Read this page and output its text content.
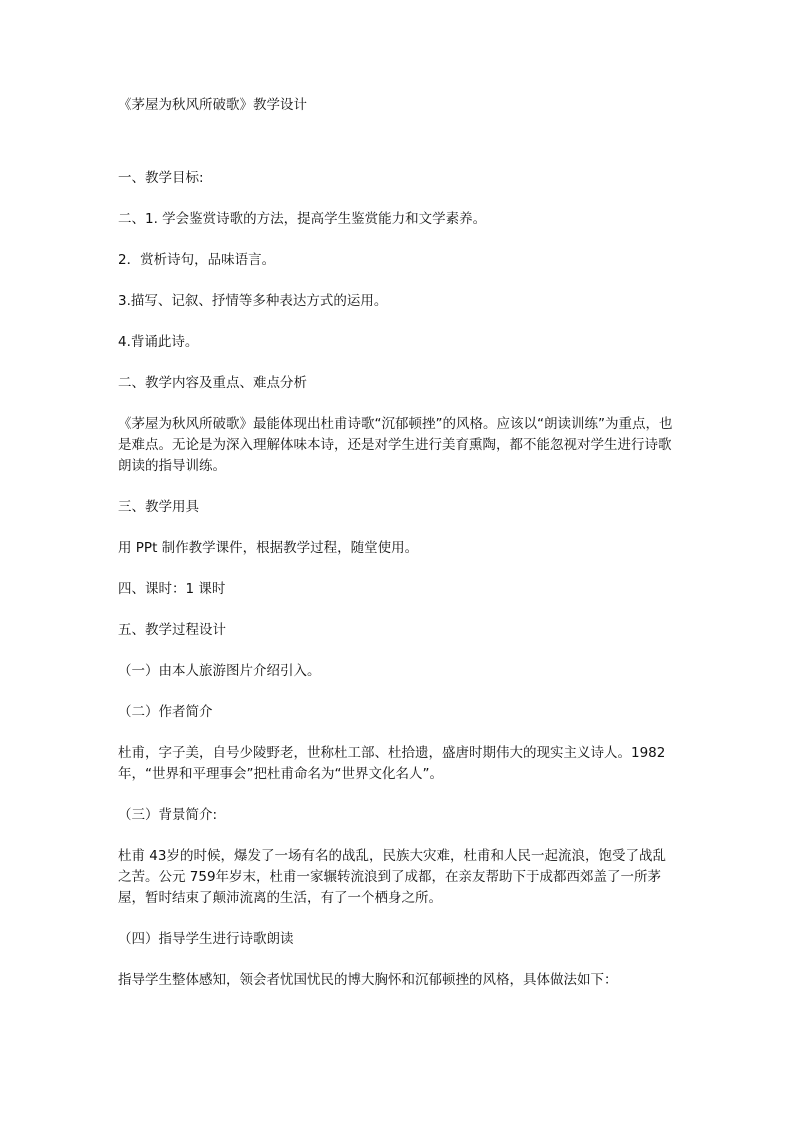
《茅屋为秋风所破歌》教学设计

一、教学目标:

二、1. 学会鉴赏诗歌的方法，提高学生鉴赏能力和文学素养。

2．赏析诗句，品味语言。

3.描写、记叙、抒情等多种表达方式的运用。

4.背诵此诗。

二、教学内容及重点、难点分析

《茅屋为秋风所破歌》最能体现出杜甫诗歌“沉郁顿挫”的风格。应该以“朗读训练”为重点，也是难点。无论是为深入理解体味本诗，还是对学生进行美育熏陶，都不能忽视对学生进行诗歌朗读的指导训练。

三、教学用具

用 PPt 制作教学课件，根据教学过程，随堂使用。

四、课时：1 课时

五、教学过程设计

（一）由本人旅游图片介绍引入。

（二）作者简介

杜甫，字子美，自号少陵野老，世称杜工部、杜拾遗，盛唐时期伟大的现实主义诗人。1982 年，“世界和平理事会”把杜甫命名为“世界文化名人”。

（三）背景简介:

杜甫 43岁的时候，爆发了一场有名的战乱，民族大灾难，杜甫和人民一起流浪，饱受了战乱之苦。公元 759年岁末，杜甫一家辗转流浪到了成都，在亲友帮助下于成都西郊盖了一所茅屋，暂时结束了颠沛流离的生活，有了一个栖身之所。

（四）指导学生进行诗歌朗读

指导学生整体感知，领会者忧国忧民的博大胸怀和沉郁顿挫的风格，具体做法如下：
